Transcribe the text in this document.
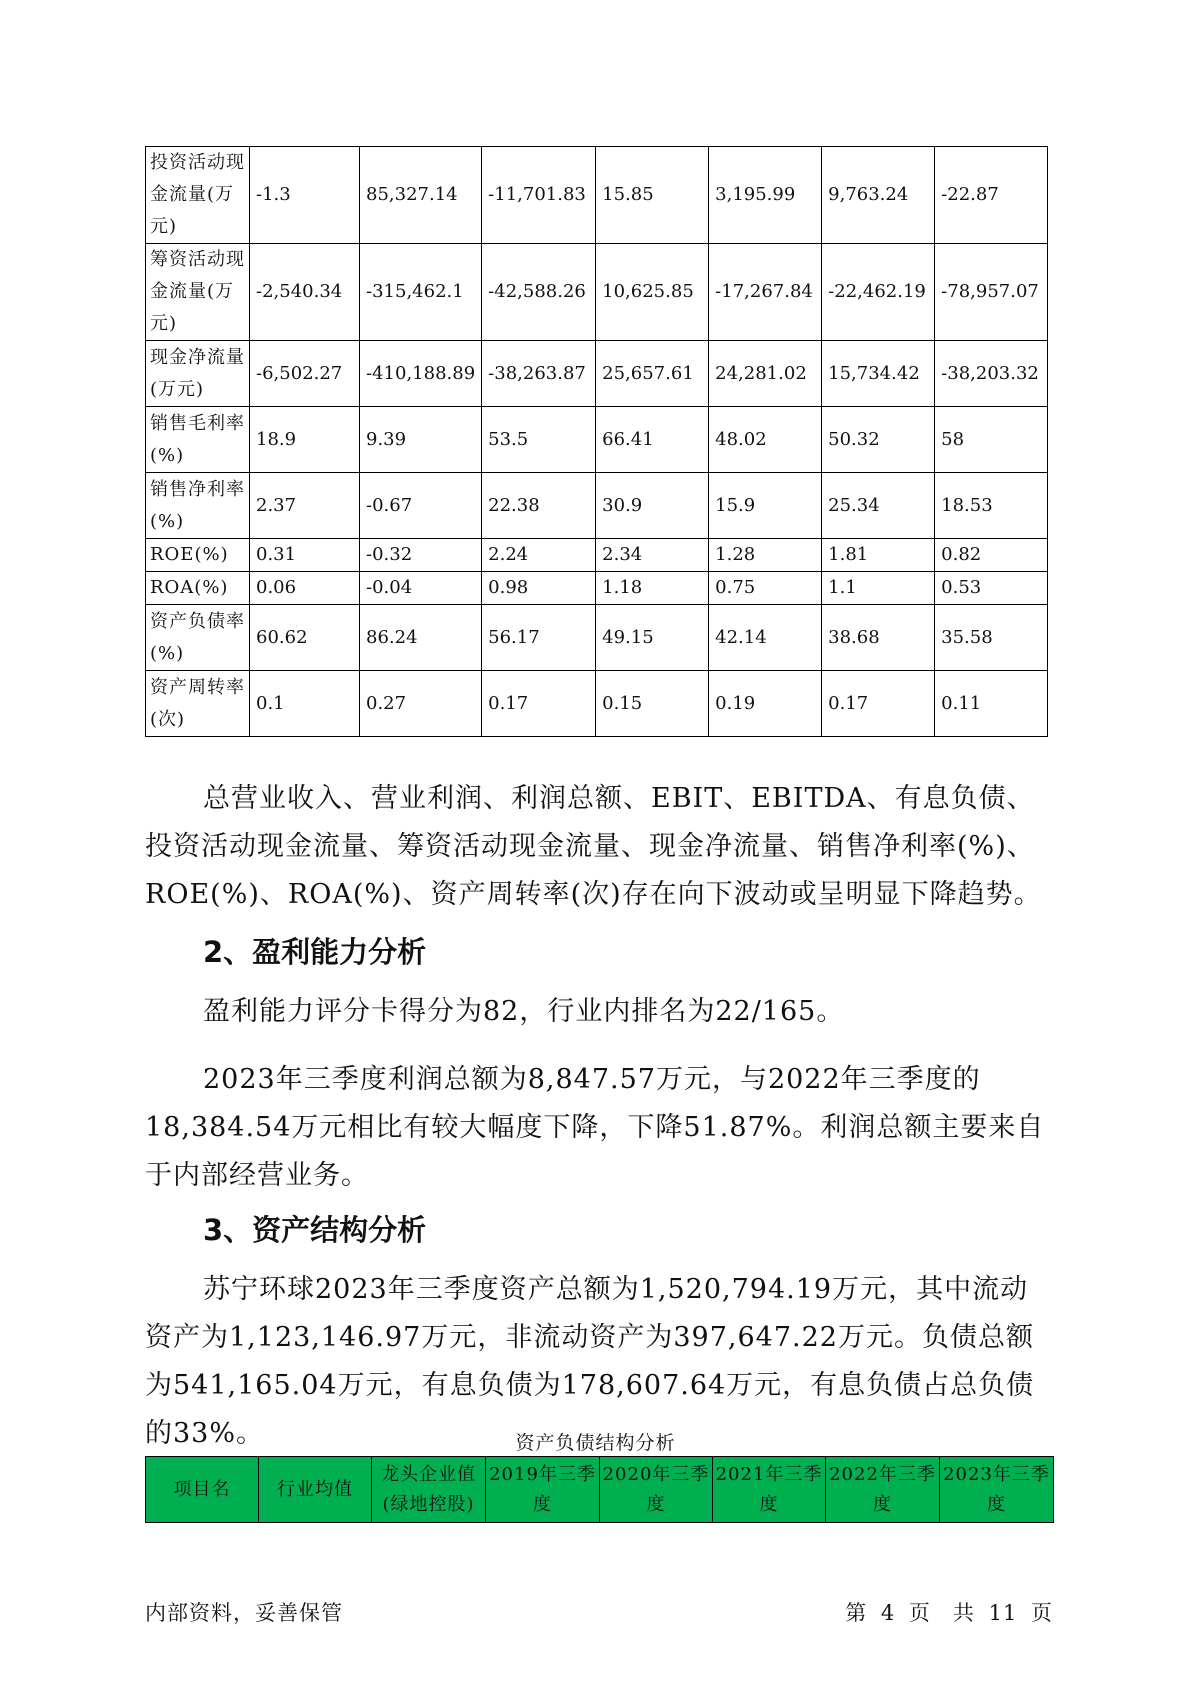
投资活动现金流量(万元)	-1.3	85,327.14	-11,701.83	15.85	3,195.99	9,763.24	-22.87
筹资活动现金流量(万元)	-2,540.34	-315,462.1	-42,588.26	10,625.85	-17,267.84	-22,462.19	-78,957.07
现金净流量(万元)	-6,502.27	-410,188.89	-38,263.87	25,657.61	24,281.02	15,734.42	-38,203.32
销售毛利率(%)	18.9	9.39	53.5	66.41	48.02	50.32	58
销售净利率(%)	2.37	-0.67	22.38	30.9	15.9	25.34	18.53
ROE(%)	0.31	-0.32	2.24	2.34	1.28	1.81	0.82
ROA(%)	0.06	-0.04	0.98	1.18	0.75	1.1	0.53
资产负债率(%)	60.62	86.24	56.17	49.15	42.14	38.68	35.58
资产周转率(次)	0.1	0.27	0.17	0.15	0.19	0.17	0.11

总营业收入、营业利润、利润总额、EBIT、EBITDA、有息负债、投资活动现金流量、筹资活动现金流量、现金净流量、销售净利率(%)、ROE(%)、ROA(%)、资产周转率(次)存在向下波动或呈明显下降趋势。

2、盈利能力分析

盈利能力评分卡得分为82，行业内排名为22/165。

2023年三季度利润总额为8,847.57万元，与2022年三季度的18,384.54万元相比有较大幅度下降，下降51.87%。利润总额主要来自于内部经营业务。

3、资产结构分析

苏宁环球2023年三季度资产总额为1,520,794.19万元，其中流动资产为1,123,146.97万元，非流动资产为397,647.22万元。负债总额为541,165.04万元，有息负债为178,607.64万元，有息负债占总负债的33%。	资产负债结构分析
项目名	行业均值	龙头企业值(绿地控股)	2019年三季度	2020年三季度	2021年三季度	2022年三季度	2023年三季度
内部资料，妥善保管	第 4 页　共 11 页
